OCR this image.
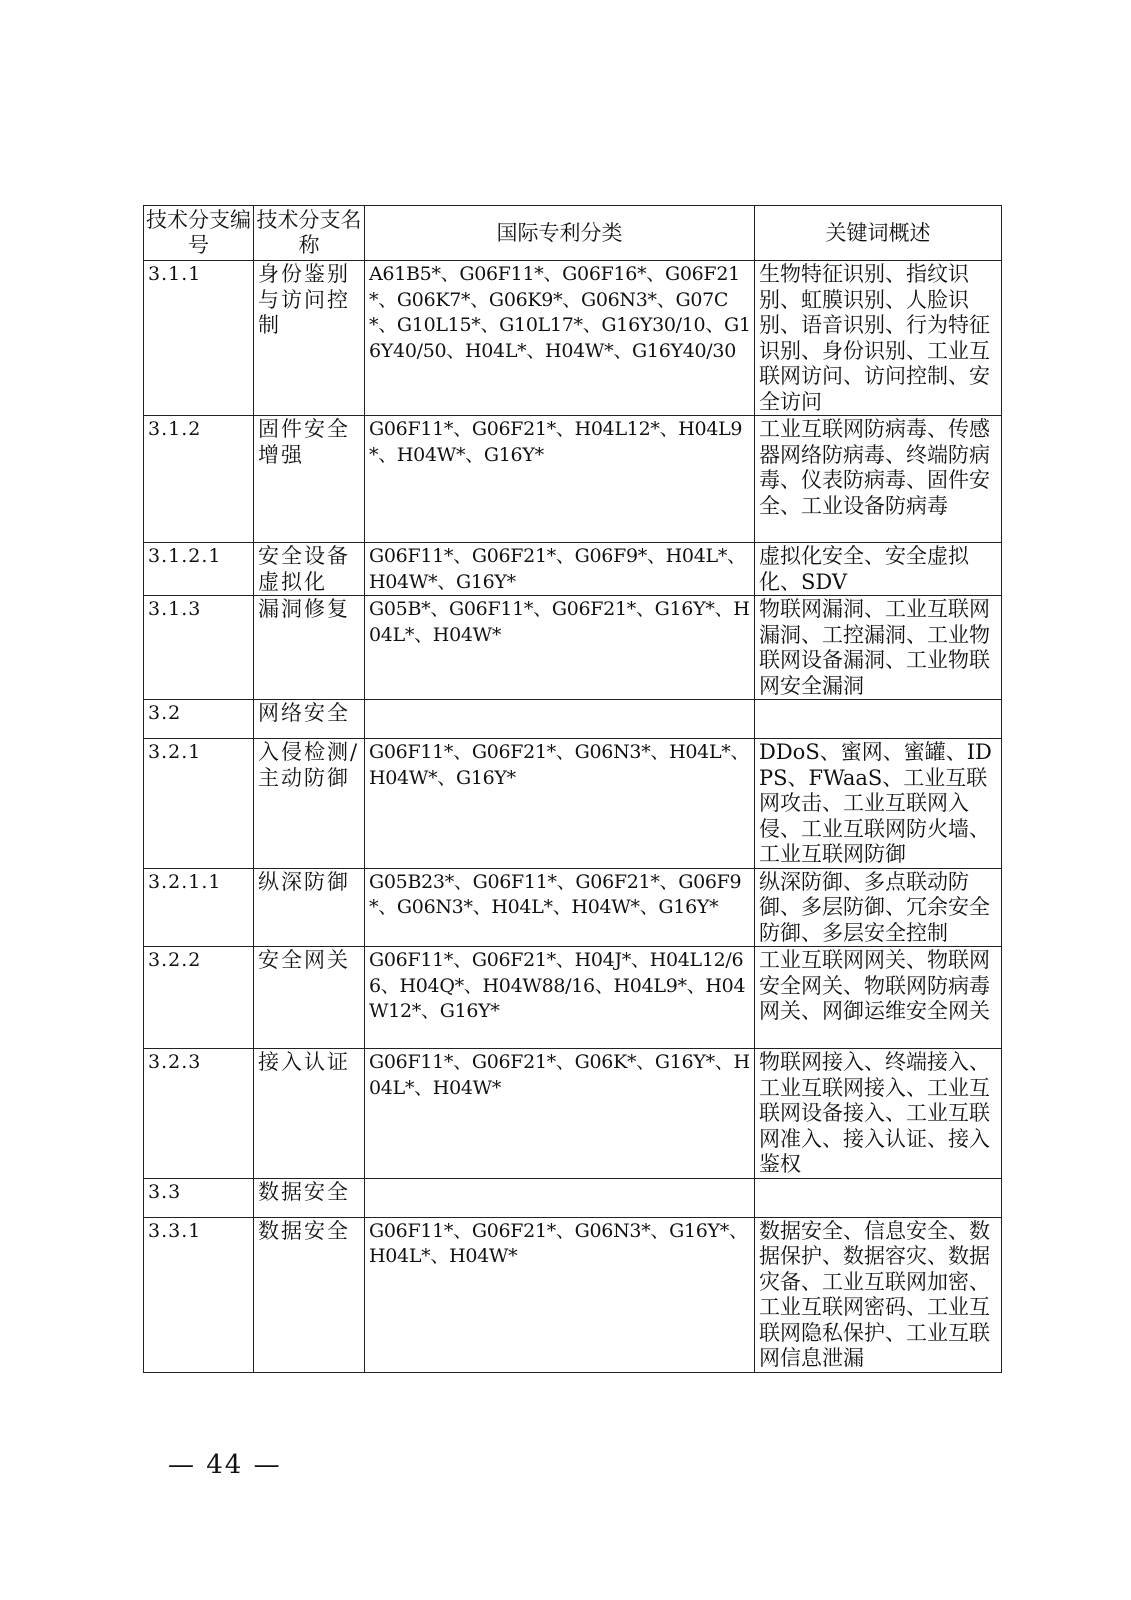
技术分支编号	技术分支名称	国际专利分类	关键词概述
3.1.1	身份鉴别与访问控制	A61B5*、G06F11*、G06F16*、G06F21*、G06K7*、G06K9*、G06N3*、G07C*、G10L15*、G10L17*、G16Y30/10、G16Y40/50、H04L*、H04W*、G16Y40/30	生物特征识别、指纹识别、虹膜识别、人脸识别、语音识别、行为特征识别、身份识别、工业互联网访问、访问控制、安全访问
3.1.2	固件安全增强	G06F11*、G06F21*、H04L12*、H04L9*、H04W*、G16Y*	工业互联网防病毒、传感器网络防病毒、终端防病毒、仪表防病毒、固件安全、工业设备防病毒
3.1.2.1	安全设备虚拟化	G06F11*、G06F21*、G06F9*、H04L*、H04W*、G16Y*	虚拟化安全、安全虚拟化、SDV
3.1.3	漏洞修复	G05B*、G06F11*、G06F21*、G16Y*、H04L*、H04W*	物联网漏洞、工业互联网漏洞、工控漏洞、工业物联网设备漏洞、工业物联网安全漏洞
3.2	网络安全		
3.2.1	入侵检测/主动防御	G06F11*、G06F21*、G06N3*、H04L*、H04W*、G16Y*	DDoS、蜜网、蜜罐、IDPS、FWaaS、工业互联网攻击、工业互联网入侵、工业互联网防火墙、工业互联网防御
3.2.1.1	纵深防御	G05B23*、G06F11*、G06F21*、G06F9*、G06N3*、H04L*、H04W*、G16Y*	纵深防御、多点联动防御、多层防御、冗余安全防御、多层安全控制
3.2.2	安全网关	G06F11*、G06F21*、H04J*、H04L12/66、H04Q*、H04W88/16、H04L9*、H04W12*、G16Y*	工业互联网网关、物联网安全网关、物联网防病毒网关、网御运维安全网关
3.2.3	接入认证	G06F11*、G06F21*、G06K*、G16Y*、H04L*、H04W*	物联网接入、终端接入、工业互联网接入、工业互联网设备接入、工业互联网准入、接入认证、接入鉴权
3.3	数据安全		
3.3.1	数据安全	G06F11*、G06F21*、G06N3*、G16Y*、H04L*、H04W*	数据安全、信息安全、数据保护、数据容灾、数据灾备、工业互联网加密、工业互联网密码、工业互联网隐私保护、工业互联网信息泄漏
— 44 —
